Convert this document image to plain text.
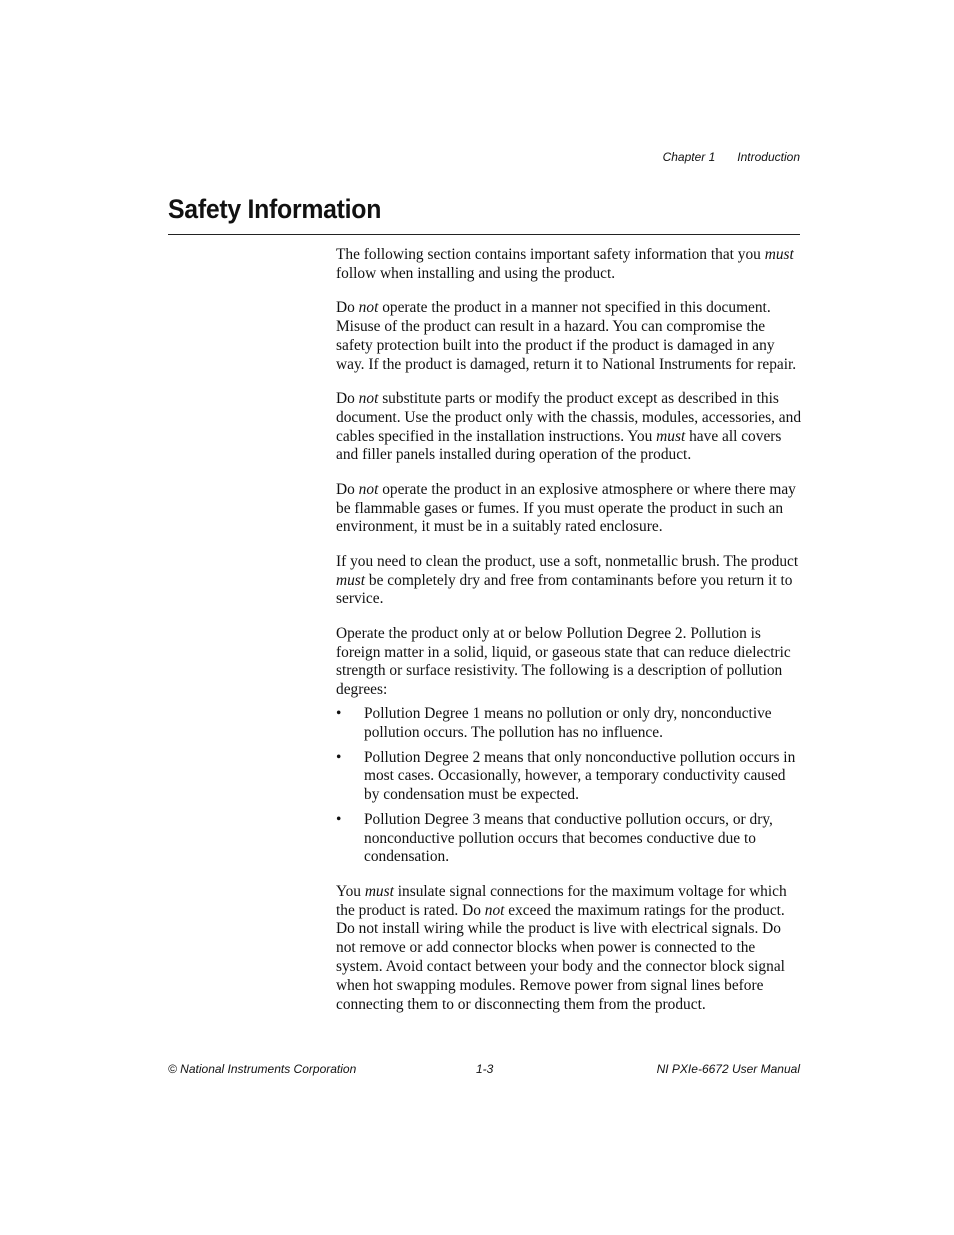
Chapter 1 Introduction
Safety Information

The following section contains important safety information that you must follow when installing and using the product.

Do not operate the product in a manner not specified in this document. Misuse of the product can result in a hazard. You can compromise the safety protection built into the product if the product is damaged in any way. If the product is damaged, return it to National Instruments for repair.

Do not substitute parts or modify the product except as described in this document. Use the product only with the chassis, modules, accessories, and cables specified in the installation instructions. You must have all covers and filler panels installed during operation of the product.

Do not operate the product in an explosive atmosphere or where there may be flammable gases or fumes. If you must operate the product in such an environment, it must be in a suitably rated enclosure.

If you need to clean the product, use a soft, nonmetallic brush. The product must be completely dry and free from contaminants before you return it to service.

Operate the product only at or below Pollution Degree 2. Pollution is foreign matter in a solid, liquid, or gaseous state that can reduce dielectric strength or surface resistivity. The following is a description of pollution degrees:

• Pollution Degree 1 means no pollution or only dry, nonconductive pollution occurs. The pollution has no influence.
• Pollution Degree 2 means that only nonconductive pollution occurs in most cases. Occasionally, however, a temporary conductivity caused by condensation must be expected.
• Pollution Degree 3 means that conductive pollution occurs, or dry, nonconductive pollution occurs that becomes conductive due to condensation.

You must insulate signal connections for the maximum voltage for which the product is rated. Do not exceed the maximum ratings for the product. Do not install wiring while the product is live with electrical signals. Do not remove or add connector blocks when power is connected to the system. Avoid contact between your body and the connector block signal when hot swapping modules. Remove power from signal lines before connecting them to or disconnecting them from the product.

© National Instruments Corporation	1-3	NI PXIe-6672 User Manual
